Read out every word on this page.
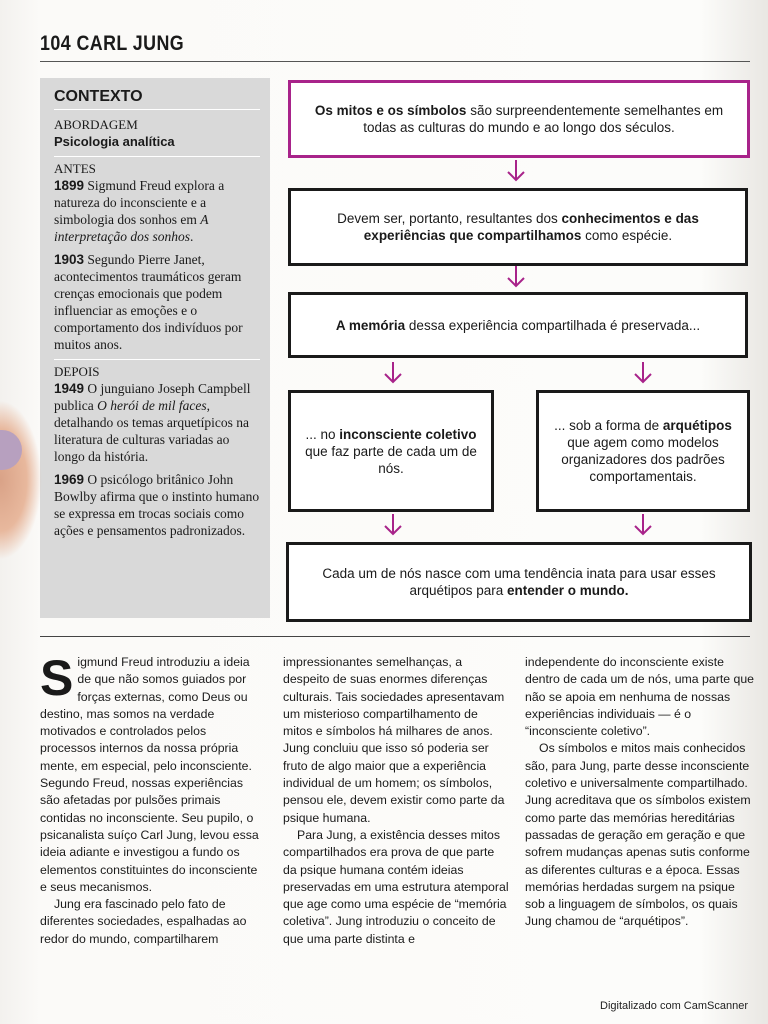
104 CARL JUNG
CONTEXTO
ABORDAGEM
Psicologia analítica
ANTES
1899 Sigmund Freud explora a natureza do inconsciente e a simbologia dos sonhos em A interpretação dos sonhos.
1903 Segundo Pierre Janet, acontecimentos traumáticos geram crenças emocionais que podem influenciar as emoções e o comportamento dos indivíduos por muitos anos.
DEPOIS
1949 O junguiano Joseph Campbell publica O herói de mil faces, detalhando os temas arquetípicos na literatura de culturas variadas ao longo da história.
1969 O psicólogo britânico John Bowlby afirma que o instinto humano se expressa em trocas sociais como ações e pensamentos padronizados.
Os mitos e os símbolos são surpreendentemente semelhantes em todas as culturas do mundo e ao longo dos séculos.
Devem ser, portanto, resultantes dos conhecimentos e das experiências que compartilhamos como espécie.
A memória dessa experiência compartilhada é preservada...
... no inconsciente coletivo que faz parte de cada um de nós.
... sob a forma de arquétipos que agem como modelos organizadores dos padrões comportamentais.
Cada um de nós nasce com uma tendência inata para usar esses arquétipos para entender o mundo.

Sigmund Freud introduziu a ideia de que não somos guiados por forças externas, como Deus ou destino, mas somos na verdade motivados e controlados pelos processos internos da nossa própria mente, em especial, pelo inconsciente. Segundo Freud, nossas experiências são afetadas por pulsões primais contidas no inconsciente. Seu pupilo, o psicanalista suíço Carl Jung, levou essa ideia adiante e investigou a fundo os elementos constituintes do inconsciente e seus mecanismos.

Jung era fascinado pelo fato de diferentes sociedades, espalhadas ao redor do mundo, compartilharem

impressionantes semelhanças, a despeito de suas enormes diferenças culturais. Tais sociedades apresentavam um misterioso compartilhamento de mitos e símbolos há milhares de anos. Jung concluiu que isso só poderia ser fruto de algo maior que a experiência individual de um homem; os símbolos, pensou ele, devem existir como parte da psique humana.

Para Jung, a existência desses mitos compartilhados era prova de que parte da psique humana contém ideias preservadas em uma estrutura atemporal que age como uma espécie de “memória coletiva”. Jung introduziu o conceito de que uma parte distinta e

independente do inconsciente existe dentro de cada um de nós, uma parte que não se apoia em nenhuma de nossas experiências individuais — é o “inconsciente coletivo”.

Os símbolos e mitos mais conhecidos são, para Jung, parte desse inconsciente coletivo e universalmente compartilhado. Jung acreditava que os símbolos existem como parte das memórias hereditárias passadas de geração em geração e que sofrem mudanças apenas sutis conforme as diferentes culturas e a época. Essas memórias herdadas surgem na psique sob a linguagem de símbolos, os quais Jung chamou de “arquétipos”.

Digitalizado com CamScanner
